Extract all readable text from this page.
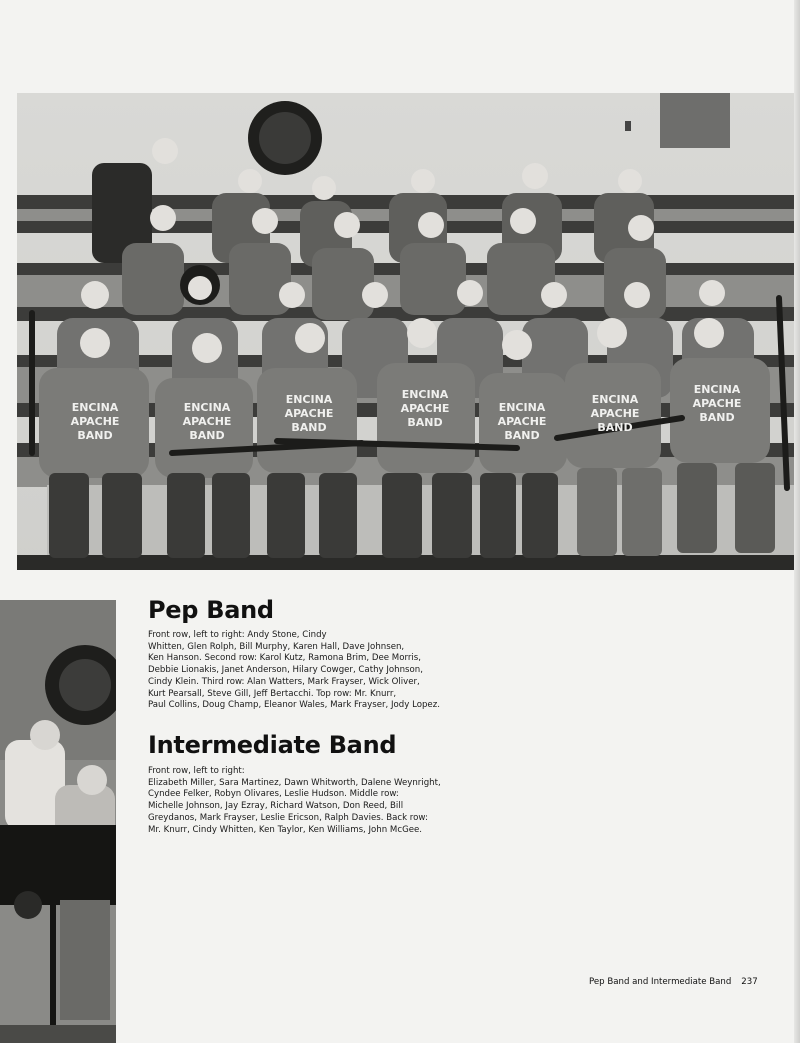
ENCINA
APACHE
BAND
ENCINA
APACHE
BAND
ENCINA
APACHE
BAND
ENCINA
APACHE
BAND
ENCINA
APACHE
BAND
ENCINA
APACHE
BAND
ENCINA
APACHE
BAND
Pep Band

Front row, left to right: Andy Stone, Cindy
Whitten, Glen Rolph, Bill Murphy, Karen Hall, Dave Johnsen,
Ken Hanson. Second row: Karol Kutz, Ramona Brim, Dee Morris,
Debbie Lionakis, Janet Anderson, Hilary Cowger, Cathy Johnson,
Cindy Klein. Third row: Alan Watters, Mark Frayser, Wick Oliver,
Kurt Pearsall, Steve Gill, Jeff Bertacchi. Top row: Mr. Knurr,
Paul Collins, Doug Champ, Eleanor Wales, Mark Frayser, Jody Lopez.

Intermediate Band

Front row, left to right:
Elizabeth Miller, Sara Martinez, Dawn Whitworth, Dalene Weynright,
Cyndee Felker, Robyn Olivares, Leslie Hudson. Middle row:
Michelle Johnson, Jay Ezray, Richard Watson, Don Reed, Bill
Greydanos, Mark Frayser, Leslie Ericson, Ralph Davies. Back row:
Mr. Knurr, Cindy Whitten, Ken Taylor, Ken Williams, John McGee.

Pep Band and Intermediate Band 237
